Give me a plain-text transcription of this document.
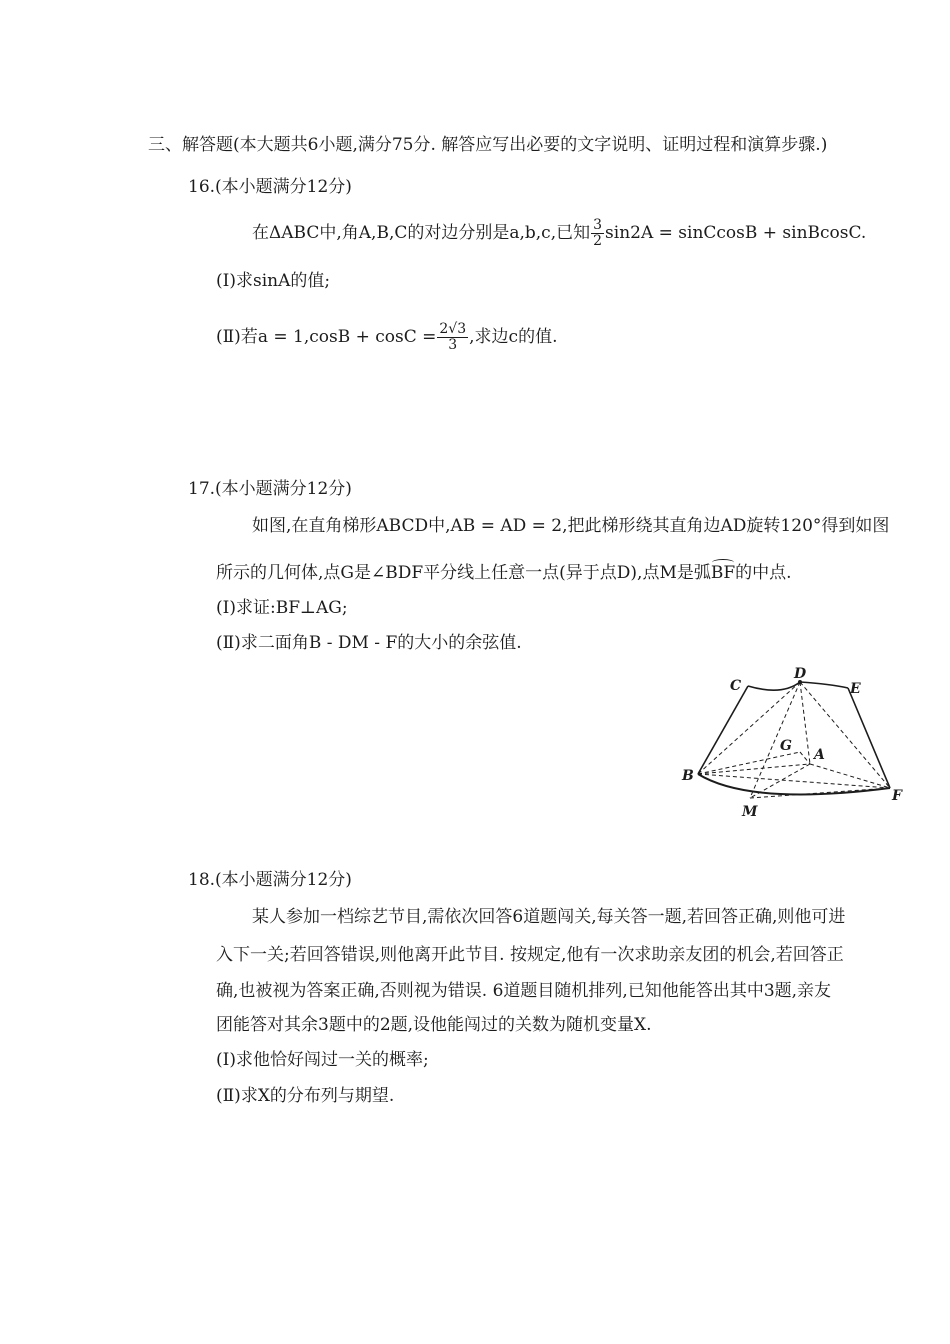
三、解答题(本大题共6小题,满分75分. 解答应写出必要的文字说明、证明过程和演算步骤.)
16.(本小题满分12分)
在ΔABC中,角A,B,C的对边分别是a,b,c,已知 $\frac{3}{2} \sin 2A$ = sinCcosB + sinBcosC.
(Ⅰ)求sinA的值;
(Ⅱ)若$a = 1,\cos B + \cos C = \frac{2√3}{3}$ ,求边c的值.
17.(本小题满分12分)
如图,在直角梯形ABCD中,AB = AD = 2,把此梯形绕其直角边AD旋转120°得到如图
所示的几何体,点G是∠BDF平分线上任意一点(异于点D),点M是弧
BF的中点.
(Ⅰ)求证:BF⊥AG;
(Ⅱ)求二面角B - DM - F的大小的余弦值.
C
D
E
G
A
B
F
M
18.(本小题满分12分)
某人参加一档综艺节目,需依次回答6道题闯关,每关答一题,若回答正确,则他可进
入下一关;若回答错误,则他离开此节目. 按规定,他有一次求助亲友团的机会,若回答正
确,也被视为答案正确,否则视为错误. 6道题目随机排列,已知他能答出其中3题,亲友
团能答对其余3题中的2题,设他能闯过的关数为随机变量X.
(Ⅰ)求他恰好闯过一关的概率;
(Ⅱ)求X的分布列与期望.
